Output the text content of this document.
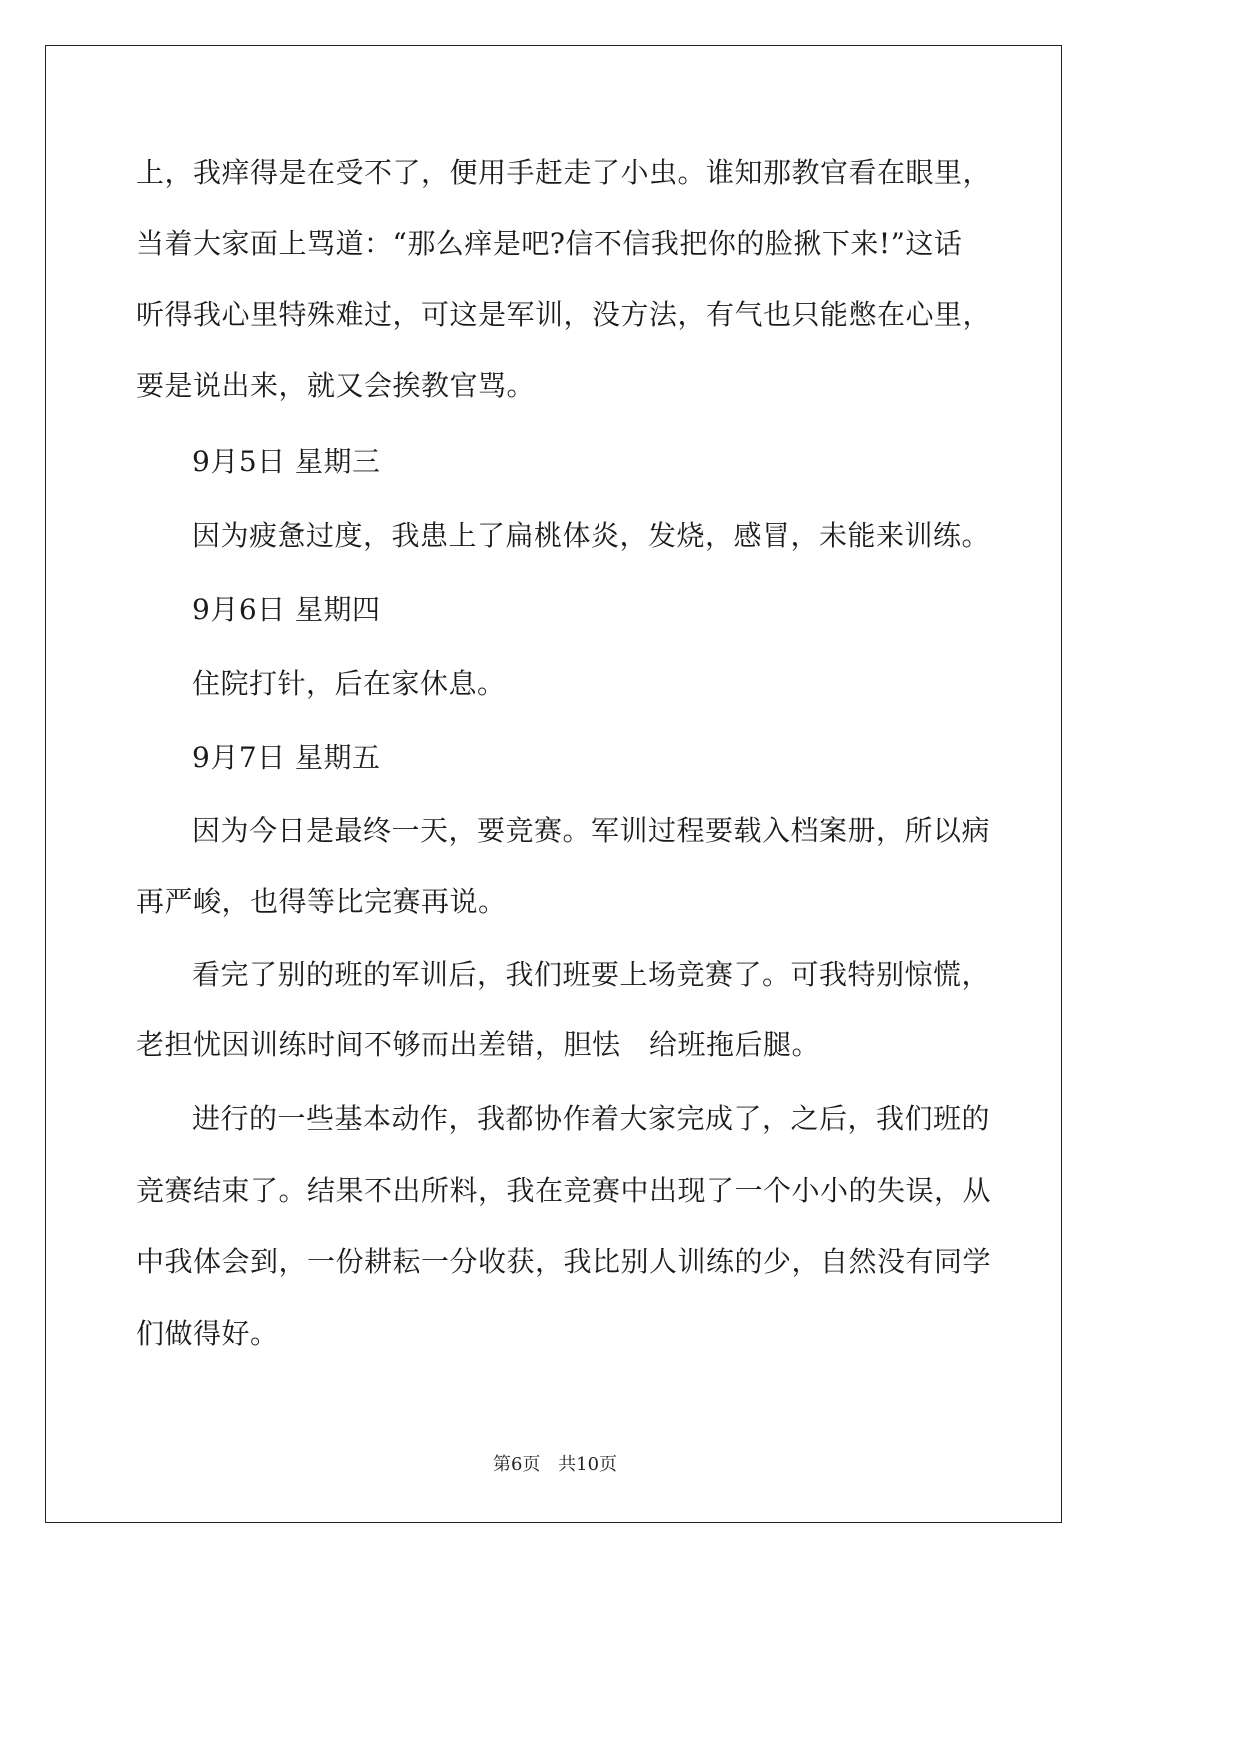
上，我痒得是在受不了，便用手赶走了小虫。谁知那教官看在眼里，

当着大家面上骂道：“那么痒是吧?信不信我把你的脸揪下来!”这话

听得我心里特殊难过，可这是军训，没方法，有气也只能憋在心里，

要是说出来，就又会挨教官骂。

9月5日 星期三

因为疲惫过度，我患上了扁桃体炎，发烧，感冒，未能来训练。

9月6日 星期四

住院打针，后在家休息。

9月7日 星期五

因为今日是最终一天，要竞赛。军训过程要载入档案册，所以病

再严峻，也得等比完赛再说。

看完了别的班的军训后，我们班要上场竞赛了。可我特别惊慌，

老担忧因训练时间不够而出差错，胆怯　给班拖后腿。

进行的一些基本动作，我都协作着大家完成了，之后，我们班的

竞赛结束了。结果不出所料，我在竞赛中出现了一个小小的失误，从

中我体会到，一份耕耘一分收获，我比别人训练的少，自然没有同学

们做得好。

第6页 共10页
